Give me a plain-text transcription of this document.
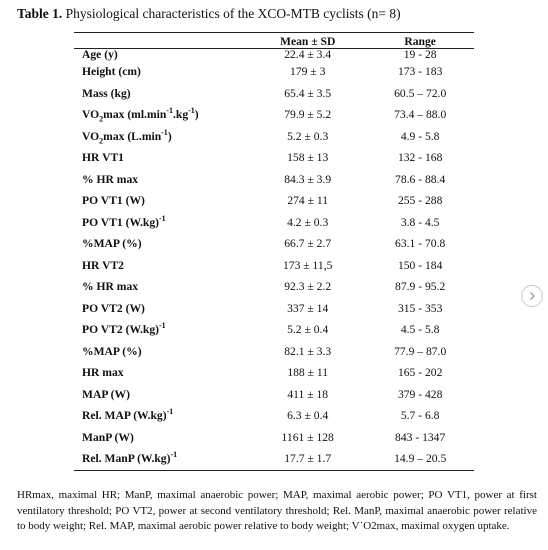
Table 1. Physiological characteristics of the XCO-MTB cyclists (n= 8)
	Mean ± SD	Range
Age (y)	22.4 ± 3.4	19 - 28
Height (cm)	179 ± 3	173 - 183
Mass (kg)	65.4 ± 3.5	60.5 – 72.0
$VO_2\max$ $(ml.\min^{-1}.kg^{-1})$	79.9 ± 5.2	73.4 – 88.0
$VO_2\max$ $(L.\min^{-1})$	5.2 ± 0.3	4.9 - 5.8
HR VT1	158 ± 13	132 - 168
% HR max	84.3 ± 3.9	78.6 - 88.4
PO VT1 (W)	274 ± 11	255 - 288
PO VT1 $(W.kg)^{-1}$	4.2 ± 0.3	3.8 - 4.5
%MAP (%)	66.7 ± 2.7	63.1 - 70.8
HR VT2	173 ± 11,5	150 - 184
% HR max	92.3 ± 2.2	87.9 - 95.2
PO VT2 (W)	337 ± 14	315 - 353
PO VT2 $(W.kg)^{-1}$	5.2 ± 0.4	4.5 - 5.8
%MAP (%)	82.1 ± 3.3	77.9 – 87.0
HR max	188 ± 11	165 - 202
MAP (W)	411 ± 18	379 - 428
Rel. MAP $(W.kg)^{-1}$	6.3 ± 0.4	5.7 - 6.8
ManP (W)	1161 ± 128	843 - 1347
Rel. ManP $(W.kg)^{-1}$	17.7 ± 1.7	14.9 – 20.5
HRmax, maximal HR; ManP, maximal anaerobic power; MAP, maximal aerobic power; PO VT1, power at first ventilatory threshold; PO VT2, power at second ventilatory threshold; Rel. ManP, maximal anaerobic power relative to body weight; Rel. MAP, maximal aerobic power relative to body weight; V˙O2max, maximal oxygen uptake.
